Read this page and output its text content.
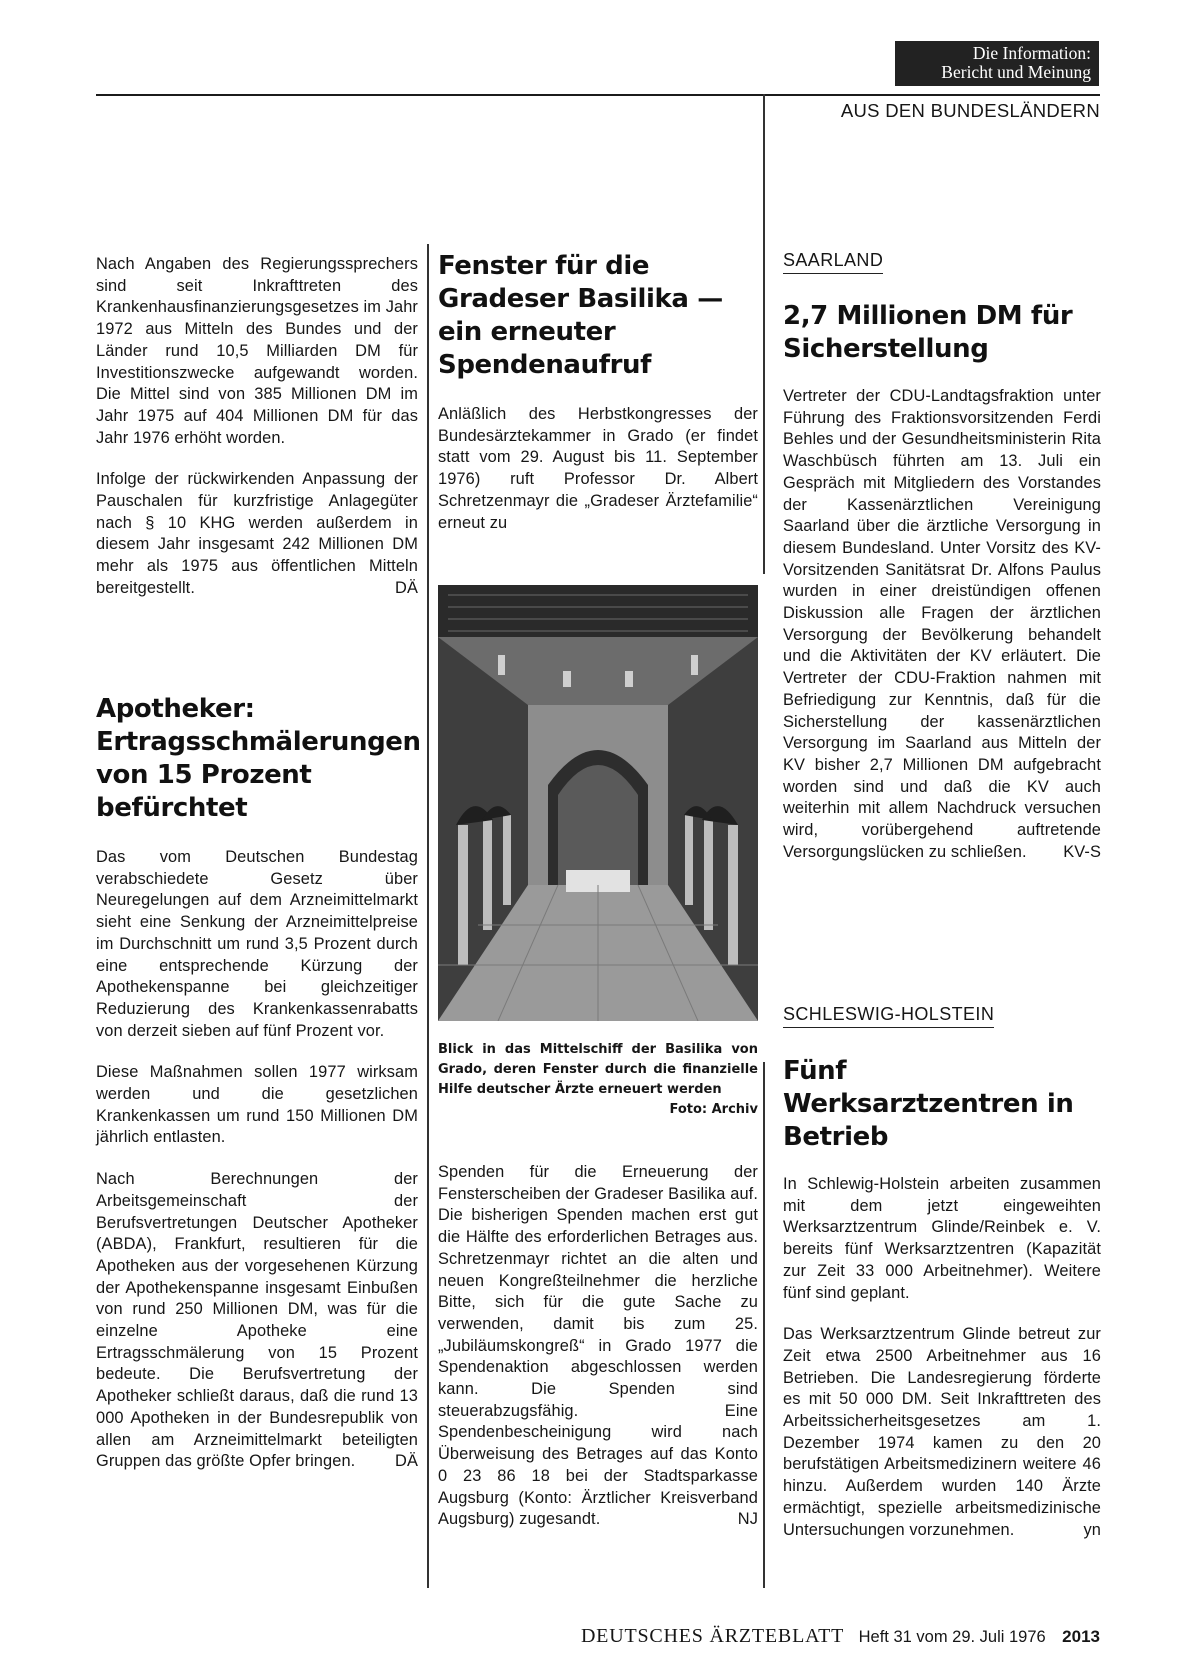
Die Information:
Bericht und Meinung
AUS DEN BUNDESLÄNDERN

Nach Angaben des Regierungssprechers sind seit Inkrafttreten des Krankenhausfinanzierungsgesetzes im Jahr 1972 aus Mitteln des Bundes und der Länder rund 10,5 Milliarden DM für Investitionszwecke aufgewandt worden. Die Mittel sind von 385 Millionen DM im Jahr 1975 auf 404 Millionen DM für das Jahr 1976 erhöht worden.

Infolge der rückwirkenden Anpassung der Pauschalen für kurzfristige Anlagegüter nach § 10 KHG werden außerdem in diesem Jahr insgesamt 242 Millionen DM mehr als 1975 aus öffentlichen Mitteln bereitgestellt.	DÄ

Apotheker: Ertragsschmälerungen von 15 Prozent befürchtet

Das vom Deutschen Bundestag verabschiedete Gesetz über Neuregelungen auf dem Arzneimittelmarkt sieht eine Senkung der Arzneimittelpreise im Durchschnitt um rund 3,5 Prozent durch eine entsprechende Kürzung der Apothekenspanne bei gleichzeitiger Reduzierung des Krankenkassenrabatts von derzeit sieben auf fünf Prozent vor.

Diese Maßnahmen sollen 1977 wirksam werden und die gesetzlichen Krankenkassen um rund 150 Millionen DM jährlich entlasten.

Nach Berechnungen der Arbeitsgemeinschaft der Berufsvertretungen Deutscher Apotheker (ABDA), Frankfurt, resultieren für die Apotheken aus der vorgesehenen Kürzung der Apothekenspanne insgesamt Einbußen von rund 250 Millionen DM, was für die einzelne Apotheke eine Ertragsschmälerung von 15 Prozent bedeute. Die Berufsvertretung der Apotheker schließt daraus, daß die rund 13 000 Apotheken in der Bundesrepublik von allen am Arzneimittelmarkt beteiligten Gruppen das größte Opfer bringen. DÄ

Fenster für die Gradeser Basilika — ein erneuter Spendenaufruf

Anläßlich des Herbstkongresses der Bundesärztekammer in Grado (er findet statt vom 29. August bis 11. September 1976) ruft Professor Dr. Albert Schretzenmayr die „Gradeser Ärztefamilie“ erneut zu

Blick in das Mittelschiff der Basilika von Grado, deren Fenster durch die finanzielle Hilfe deutscher Ärzte erneuert werden
Foto: Archiv

Spenden für die Erneuerung der Fensterscheiben der Gradeser Basilika auf. Die bisherigen Spenden machen erst gut die Hälfte des erforderlichen Betrages aus. Schretzenmayr richtet an die alten und neuen Kongreßteilnehmer die herzliche Bitte, sich für die gute Sache zu verwenden, damit bis zum 25. „Jubiläumskongreß“ in Grado 1977 die Spendenaktion abgeschlossen werden kann. Die Spenden sind steuerabzugsfähig. Eine Spendenbescheinigung wird nach Überweisung des Betrages auf das Konto 0 23 86 18 bei der Stadtsparkasse Augsburg (Konto: Ärztlicher Kreisverband Augsburg) zugesandt.	NJ

SAARLAND
2,7 Millionen DM für Sicherstellung

Vertreter der CDU-Landtagsfraktion unter Führung des Fraktionsvorsitzenden Ferdi Behles und der Gesundheitsministerin Rita Waschbüsch führten am 13. Juli ein Gespräch mit Mitgliedern des Vorstandes der Kassenärztlichen Vereinigung Saarland über die ärztliche Versorgung in diesem Bundesland. Unter Vorsitz des KV-Vorsitzenden Sanitätsrat Dr. Alfons Paulus wurden in einer dreistündigen offenen Diskussion alle Fragen der ärztlichen Versorgung der Bevölkerung behandelt und die Aktivitäten der KV erläutert. Die Vertreter der CDU-Fraktion nahmen mit Befriedigung zur Kenntnis, daß für die Sicherstellung der kassenärztlichen Versorgung im Saarland aus Mitteln der KV bisher 2,7 Millionen DM aufgebracht worden sind und daß die KV auch weiterhin mit allem Nachdruck versuchen wird, vorübergehend auftretende Versorgungslücken zu schließen. KV-S

SCHLESWIG-HOLSTEIN
Fünf Werksarztzentren in Betrieb

In Schlewig-Holstein arbeiten zusammen mit dem jetzt eingeweihten Werksarztzentrum Glinde/Reinbek e. V. bereits fünf Werksarztzentren (Kapazität zur Zeit 33 000 Arbeitnehmer). Weitere fünf sind geplant.

Das Werksarztzentrum Glinde betreut zur Zeit etwa 2500 Arbeitnehmer aus 16 Betrieben. Die Landesregierung förderte es mit 50 000 DM. Seit Inkrafttreten des Arbeitssicherheitsgesetzes am 1. Dezember 1974 kamen zu den 20 berufstätigen Arbeitsmedizinern weitere 46 hinzu. Außerdem wurden 140 Ärzte ermächtigt, spezielle arbeitsmedizinische Untersuchungen vorzunehmen.	yn

DEUTSCHES ÄRZTEBLATT Heft 31 vom 29. Juli 1976 2013
